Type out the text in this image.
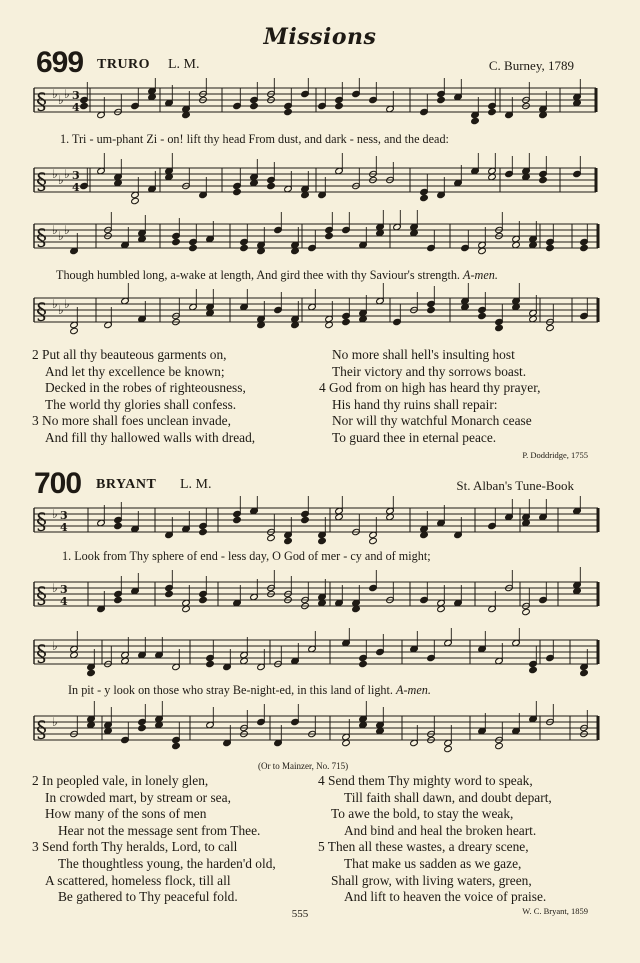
Missions
699 TRURO L. M.	C. Burney, 1789
§ ♭ ♭ ♭ 3
4
§ ♭ ♭ ♭ 3
4
1. Tri - um-phant Zi - on! lift thy head From dust, and dark - ness, and the dead:
§ ♭ ♭ ♭
§ ♭ ♭ ♭
Though humbled long, a-wake at length, And gird thee with thy Saviour's strength. A-men.
2 Put all thy beauteous garments on,
And let thy excellence be known;
Decked in the robes of righteousness,
The world thy glories shall confess.
3 No more shall foes unclean invade,
And fill thy hallowed walls with dread,
No more shall hell's insulting host
Their victory and thy sorrows boast.
4 God from on high has heard thy prayer,
His hand thy ruins shall repair:
Nor will thy watchful Monarch cease
To guard thee in eternal peace.
P. Doddridge, 1755
700 BRYANT L. M.	St. Alban's Tune-Book
§ ♭ 3
4
§ ♭ 3
4
1. Look from Thy sphere of end - less day, O God of mer - cy and of might;
§ ♭
§ ♭
In pit - y look on those who stray Be-night-ed, in this land of light. A-men.
(Or to Mainzer, No. 715)
2 In peopled vale, in lonely glen,
In crowded mart, by stream or sea,
How many of the sons of men
Hear not the message sent from Thee.
3 Send forth Thy heralds, Lord, to call
The thoughtless young, the harden'd old,
A scattered, homeless flock, till all
Be gathered to Thy peaceful fold.
4 Send them Thy mighty word to speak,
Till faith shall dawn, and doubt depart,
To awe the bold, to stay the weak,
And bind and heal the broken heart.
5 Then all these wastes, a dreary scene,
That make us sadden as we gaze,
Shall grow, with living waters, green,
And lift to heaven the voice of praise.
W. C. Bryant, 1859
555
